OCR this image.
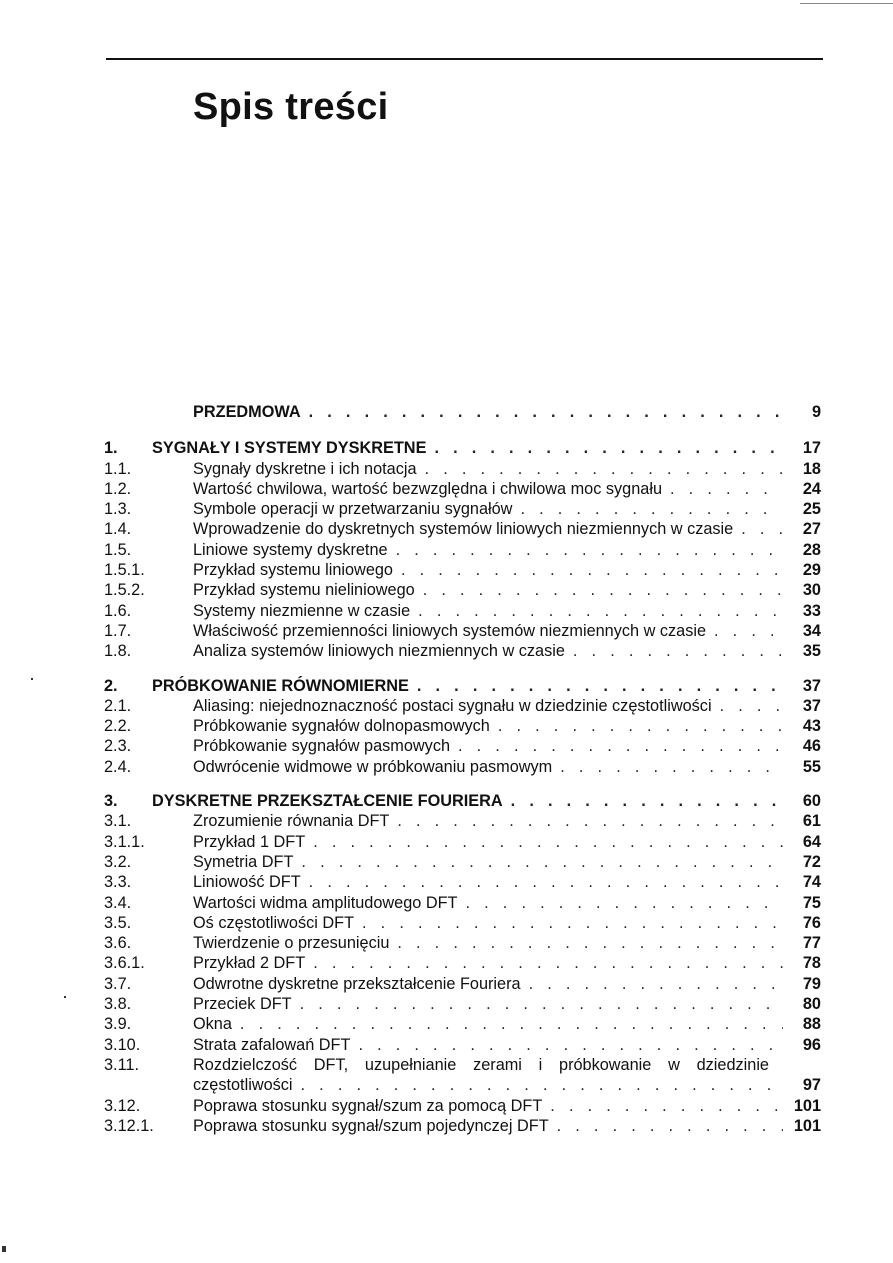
Spis treści
PRZEDMOWA . . .	9
1. SYGNAŁY I SYSTEMY DYSKRETNE . . .	17
1.1.	Sygnały dyskretne i ich notacja . . .	18
1.2.	Wartość chwilowa, wartość bezwzględna i chwilowa moc sygnału . . .	24
1.3.	Symbole operacji w przetwarzaniu sygnałów . . .	25
1.4.	Wprowadzenie do dyskretnych systemów liniowych niezmiennych w czasie . . .	27
1.5.	Liniowe systemy dyskretne . . .	28
1.5.1.	Przykład systemu liniowego . . .	29
1.5.2.	Przykład systemu nieliniowego . . .	30
1.6.	Systemy niezmienne w czasie . . .	33
1.7.	Właściwość przemienności liniowych systemów niezmiennych w czasie . . .	34
1.8.	Analiza systemów liniowych niezmiennych w czasie . . .	35
2. PRÓBKOWANIE RÓWNOMIERNE . . .	37
2.1.	Aliasing: niejednoznaczność postaci sygnału w dziedzinie częstotliwości . . .	37
2.2.	Próbkowanie sygnałów dolnopasmowych . . .	43
2.3.	Próbkowanie sygnałów pasmowych . . .	46
2.4.	Odwrócenie widmowe w próbkowaniu pasmowym . . .	55
3. DYSKRETNE PRZEKSZTAŁCENIE FOURIERA . . .	60
3.1.	Zrozumienie równania DFT . . .	61
3.1.1.	Przykład 1 DFT . . .	64
3.2.	Symetria DFT . . .	72
3.3.	Liniowość DFT . . .	74
3.4.	Wartości widma amplitudowego DFT . . .	75
3.5.	Oś częstotliwości DFT . . .	76
3.6.	Twierdzenie o przesunięciu . . .	77
3.6.1.	Przykład 2 DFT . . .	78
3.7.	Odwrotne dyskretne przekształcenie Fouriera . . .	79
3.8.	Przeciek DFT . . .	80
3.9.	Okna . . .	88
3.10.	Strata zafalowań DFT . . .	96
3.11.	Rozdzielczość DFT, uzupełnianie zerami i próbkowanie w dziedzinie
częstotliwości . . .	97
3.12.	Poprawa stosunku sygnał/szum za pomocą DFT . . .	101
3.12.1. Poprawa stosunku sygnał/szum pojedynczej DFT . . .	101
